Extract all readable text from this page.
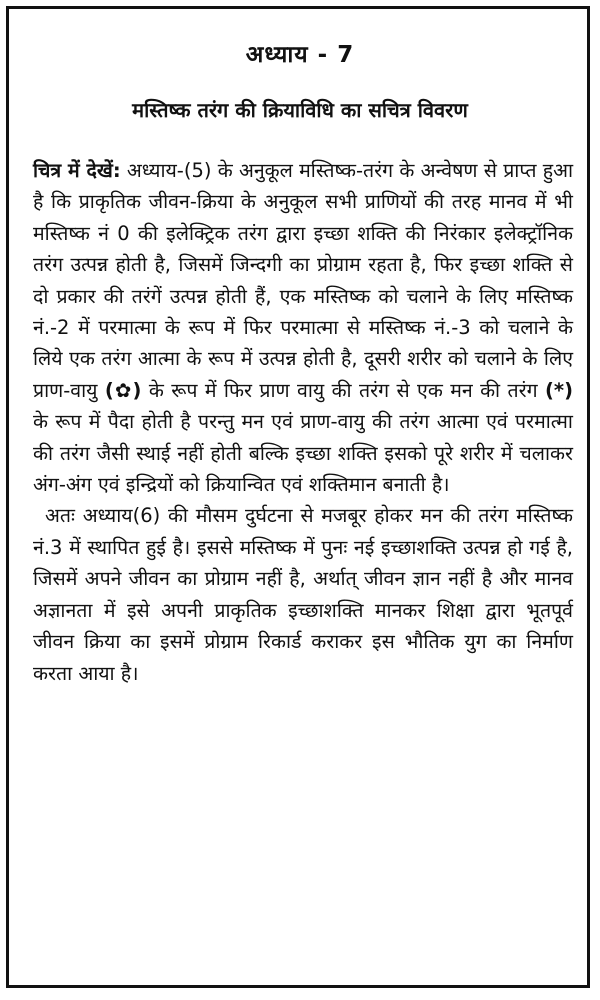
अध्याय - 7
मस्तिष्क तरंग की क्रियाविधि का सचित्र विवरण

चित्र में देखें: अध्याय-(5) के अनुकूल मस्तिष्क-तरंग के अन्वेषण से प्राप्त हुआ है कि प्राकृतिक जीवन-क्रिया के अनुकूल सभी प्राणियों की तरह मानव में भी मस्तिष्क नं 0 की इलेक्ट्रिक तरंग द्वारा इच्छा शक्ति की निरंकार इलेक्ट्रॉनिक तरंग उत्पन्न होती है, जिसमें जिन्दगी का प्रोग्राम रहता है, फिर इच्छा शक्ति से दो प्रकार की तरंगें उत्पन्न होती हैं, एक मस्तिष्क को चलाने के लिए मस्तिष्क नं.-2 में परमात्मा के रूप में फिर परमात्मा से मस्तिष्क नं.-3 को चलाने के लिये एक तरंग आत्मा के रूप में उत्पन्न होती है, दूसरी शरीर को चलाने के लिए प्राण-वायु (✿) के रूप में फिर प्राण वायु की तरंग से एक मन की तरंग (*) के रूप में पैदा होती है परन्तु मन एवं प्राण-वायु की तरंग आत्मा एवं परमात्मा की तरंग जैसी स्थाई नहीं होती बल्कि इच्छा शक्ति इसको पूरे शरीर में चलाकर अंग-अंग एवं इन्द्रियों को क्रियान्वित एवं शक्तिमान बनाती है।

अतः अध्याय(6) की मौसम दुर्घटना से मजबूर होकर मन की तरंग मस्तिष्क नं.3 में स्थापित हुई है। इससे मस्तिष्क में पुनः नई इच्छाशक्ति उत्पन्न हो गई है, जिसमें अपने जीवन का प्रोग्राम नहीं है, अर्थात् जीवन ज्ञान नहीं है और मानव अज्ञानता में इसे अपनी प्राकृतिक इच्छाशक्ति मानकर शिक्षा द्वारा भूतपूर्व जीवन क्रिया का इसमें प्रोग्राम रिकार्ड कराकर इस भौतिक युग का निर्माण करता आया है।
